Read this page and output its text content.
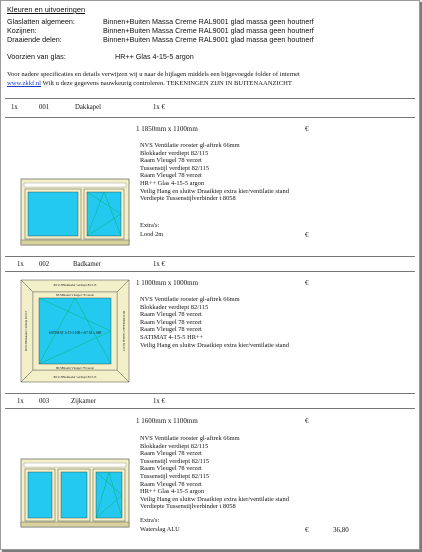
Kleuren en uitvoeringen
Glaslatten algemeen:	Binnen+Buiten Massa Creme RAL9001 glad massa geen houtnerf
Kozijnen:	Binnen+Buiten Massa Creme RAL9001 glad massa geen houtnerf
Draaiende delen:	Binnen+Buiten Massa Creme RAL9001 glad massa geen houtnerf
Voorzien van glas:	HR++ Glas 4-15-5 argon
Voor nadere specificaties en details verwijzen wij u naar de bijlagen middels een bijgevoegde folder of internet
www.zkkf.nl Wilt u deze gegevens nauwkeurig controleren. TEKENINGEN ZIJN IN BUITENAANZICHT
1x	001	Dakkapel	1x €
1 1850mm x 1100mm	€
NVS Ventilatie rooster gl-aftrek 66mm
Blokkader verdiept 82/115
Raam Vleugel 78 verzet
Tussenstijl verdiept 82/115
Raam Vleugel 78 verzet
HR++ Glas 4-15-5 argon
Veilig Hang en sluitw Draaikiep extra kier/ventilatie stand
Verdiepte Tussenstijlverbinder t 8058
Extra's:
Lood 2m	€
1x 002	Badkamer	1x €
1 1000mm x 1000mm	€
NVS Ventilatie rooster gl-aftrek 66mm
Blokkader verdiept 82/115
Raam Vleugel 78 verzet
Raam Vleugel 78 verzet
Raam Vleugel 78 verzet
SATIMAT 4-15-5 HR++
Veilig Hang en sluitw Draaikiep extra kier/ventilatie stand
80/115Blokkader verdiept 82/115
83/58Raam Vleugel 78 verzet
SATIMAT 4-15-5 HR++67 65 x 688
80/58Raam Vleugel 78 verzet
80/115Blokkader verdiept 82/115
80/115Blokkader verdiept 82/115	80/115Blokkader verdiept 82/115
1x 003	Zijkamer	1x €
1 1600mm x 1100mm	€
NVS Ventilatie rooster gl-aftrek 66mm
Blokkader verdiept 82/115
Raam Vleugel 78 verzet
Tussenstijl verdiept 82/115
Raam Vleugel 78 verzet
Tussenstijl verdiept 82/115
Raam Vleugel 78 verzet
HR++ Glas 4-15-5 argon
Veilig Hang en sluitw Draaikiep extra kier/ventilatie stand
Verdiepte Tussenstijlverbinder t 8058
Extra's:
Waterslag ALU	€	36,80
